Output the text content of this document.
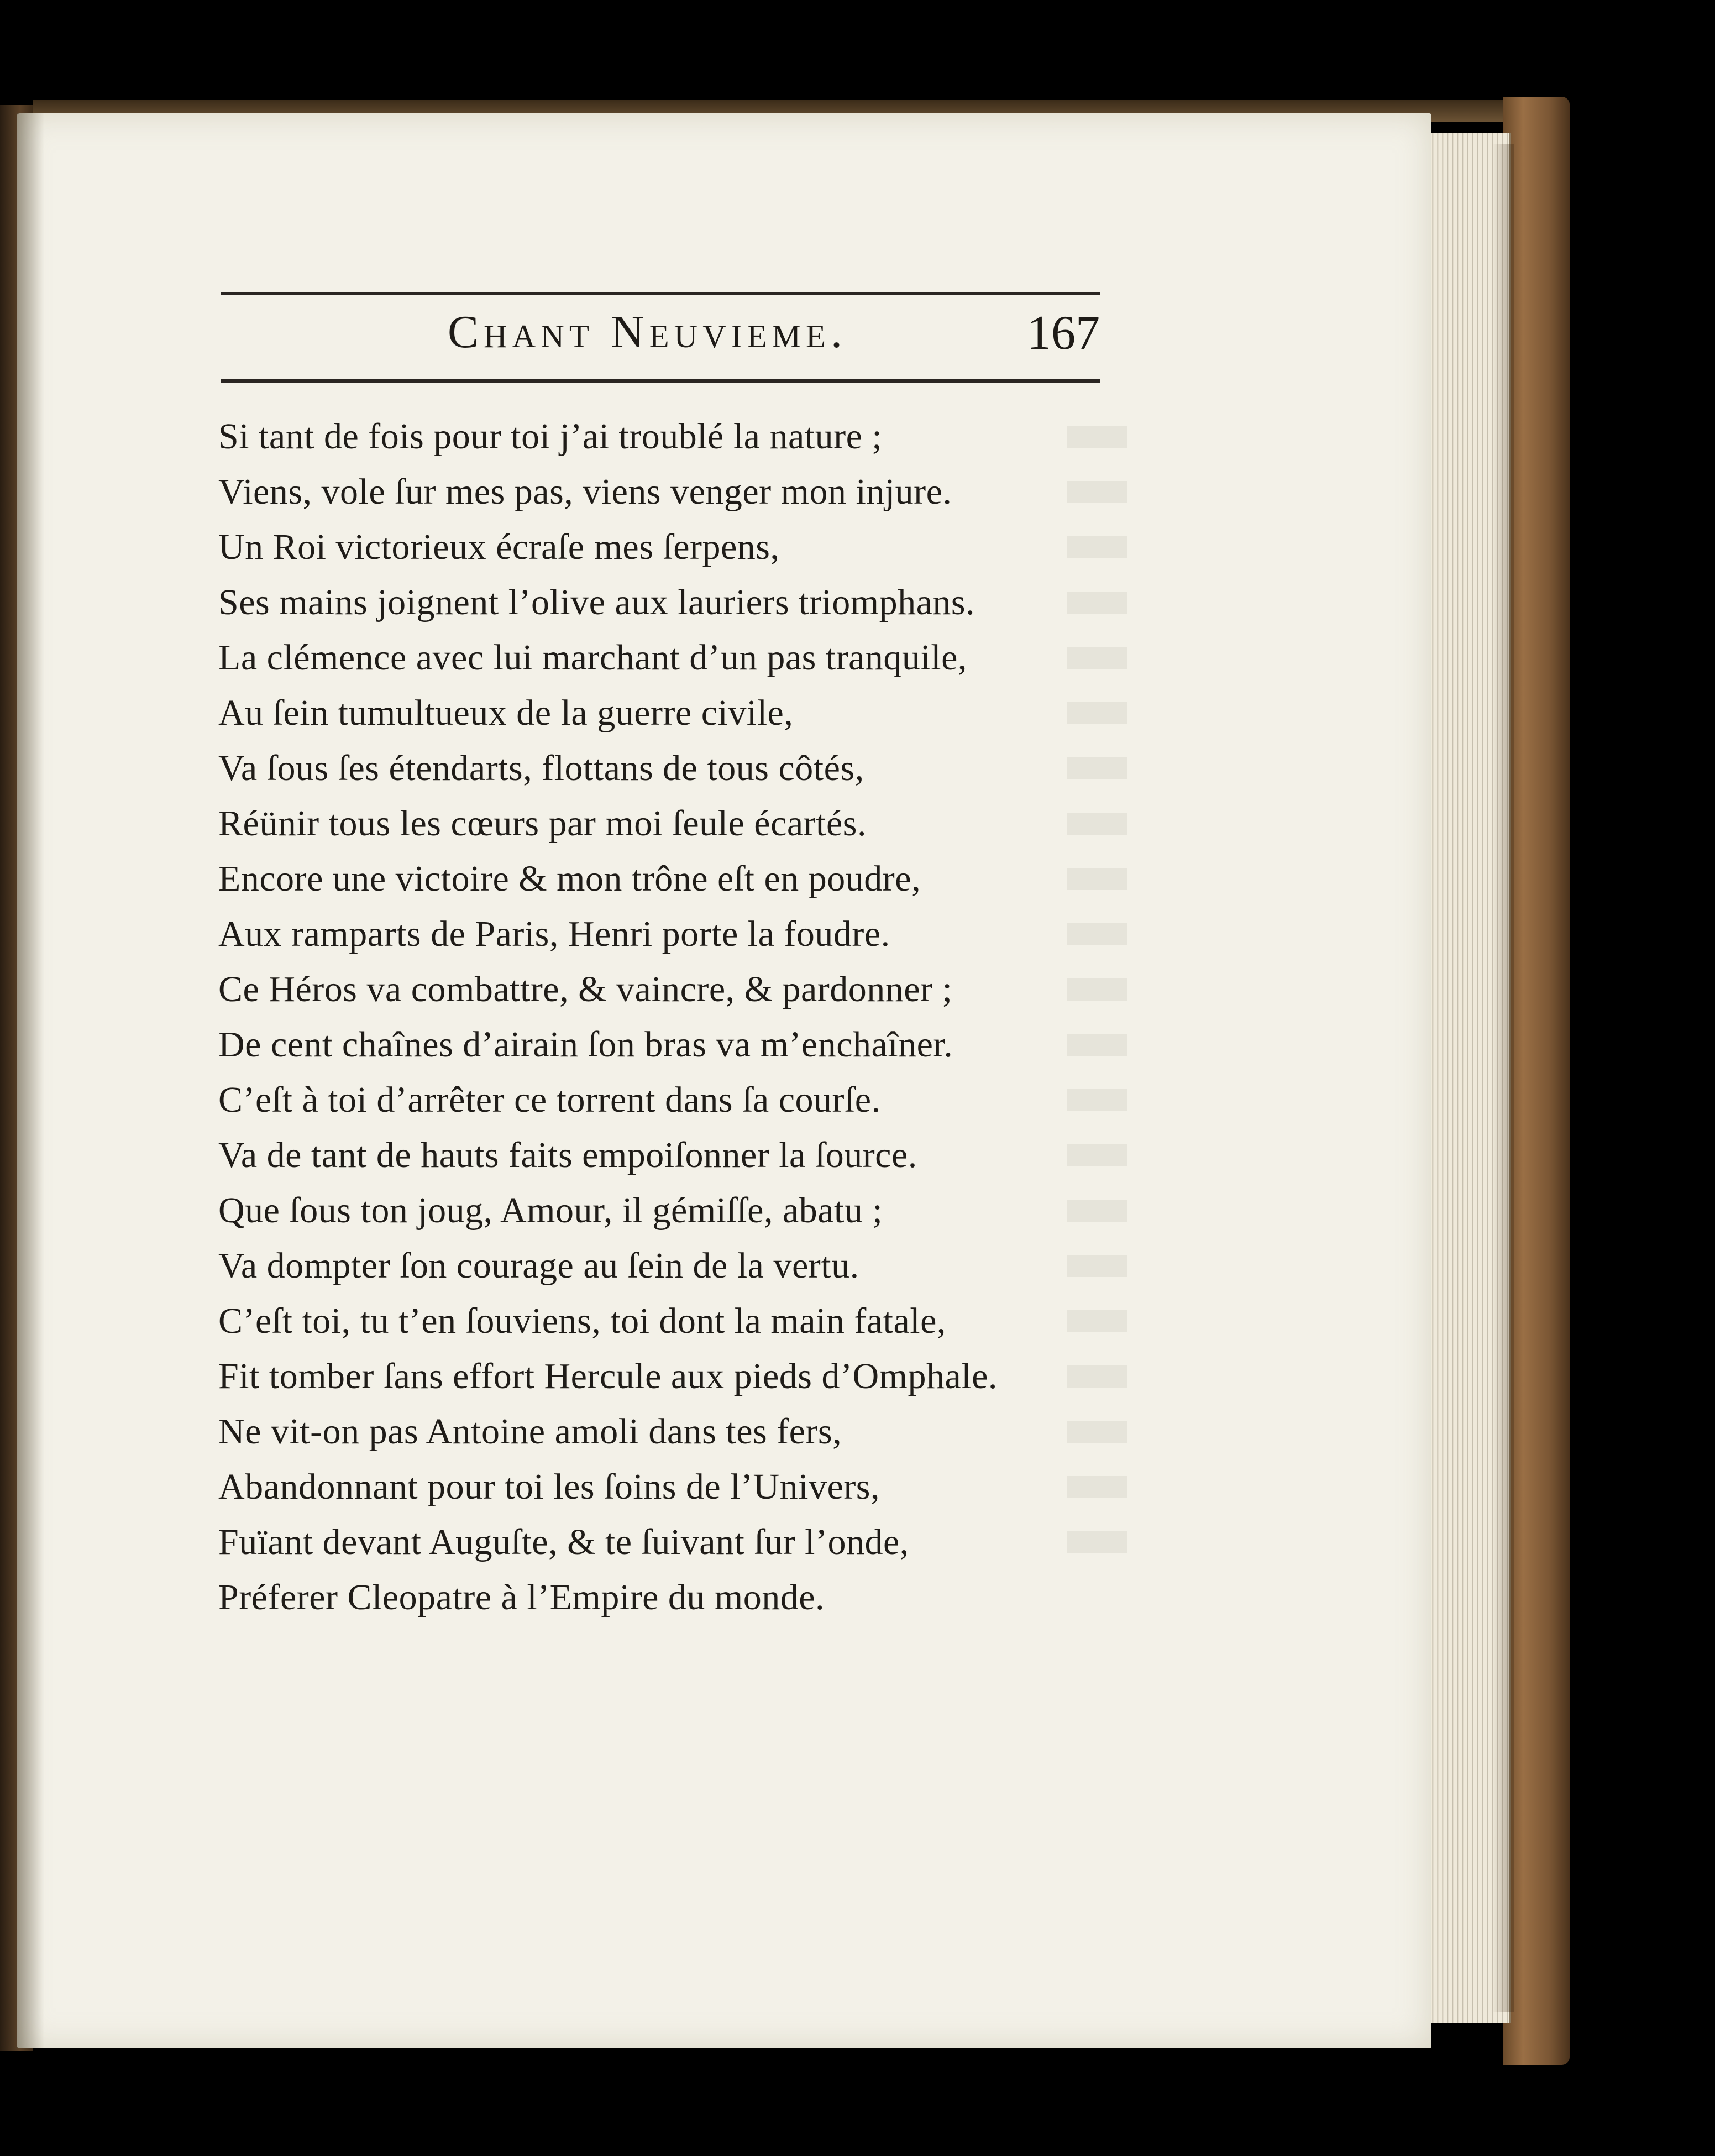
Chant Neuvieme.	167
Si tant de fois pour toi j’ai troublé la nature ;
Viens, vole ſur mes pas, viens venger mon injure.
Un Roi victorieux écraſe mes ſerpens,
Ses mains joignent l’olive aux lauriers triomphans.
La clémence avec lui marchant d’un pas tranquile,
Au ſein tumultueux de la guerre civile,
Va ſous ſes étendarts, flottans de tous côtés,
Réünir tous les cœurs par moi ſeule écartés.
Encore une victoire & mon trône eſt en poudre,
Aux ramparts de Paris, Henri porte la foudre.
Ce Héros va combattre, & vaincre, & pardonner ;
De cent chaînes d’airain ſon bras va m’enchaîner.
C’eſt à toi d’arrêter ce torrent dans ſa courſe.
Va de tant de hauts faits empoiſonner la ſource.
Que ſous ton joug, Amour, il gémiſſe, abatu ;
Va dompter ſon courage au ſein de la vertu.
C’eſt toi, tu t’en ſouviens, toi dont la main fatale,
Fit tomber ſans effort Hercule aux pieds d’Omphale.
Ne vit-on pas Antoine amoli dans tes fers,
Abandonnant pour toi les ſoins de l’Univers,
Fuïant devant Auguſte, & te ſuivant ſur l’onde,
Préferer Cleopatre à l’Empire du monde.
